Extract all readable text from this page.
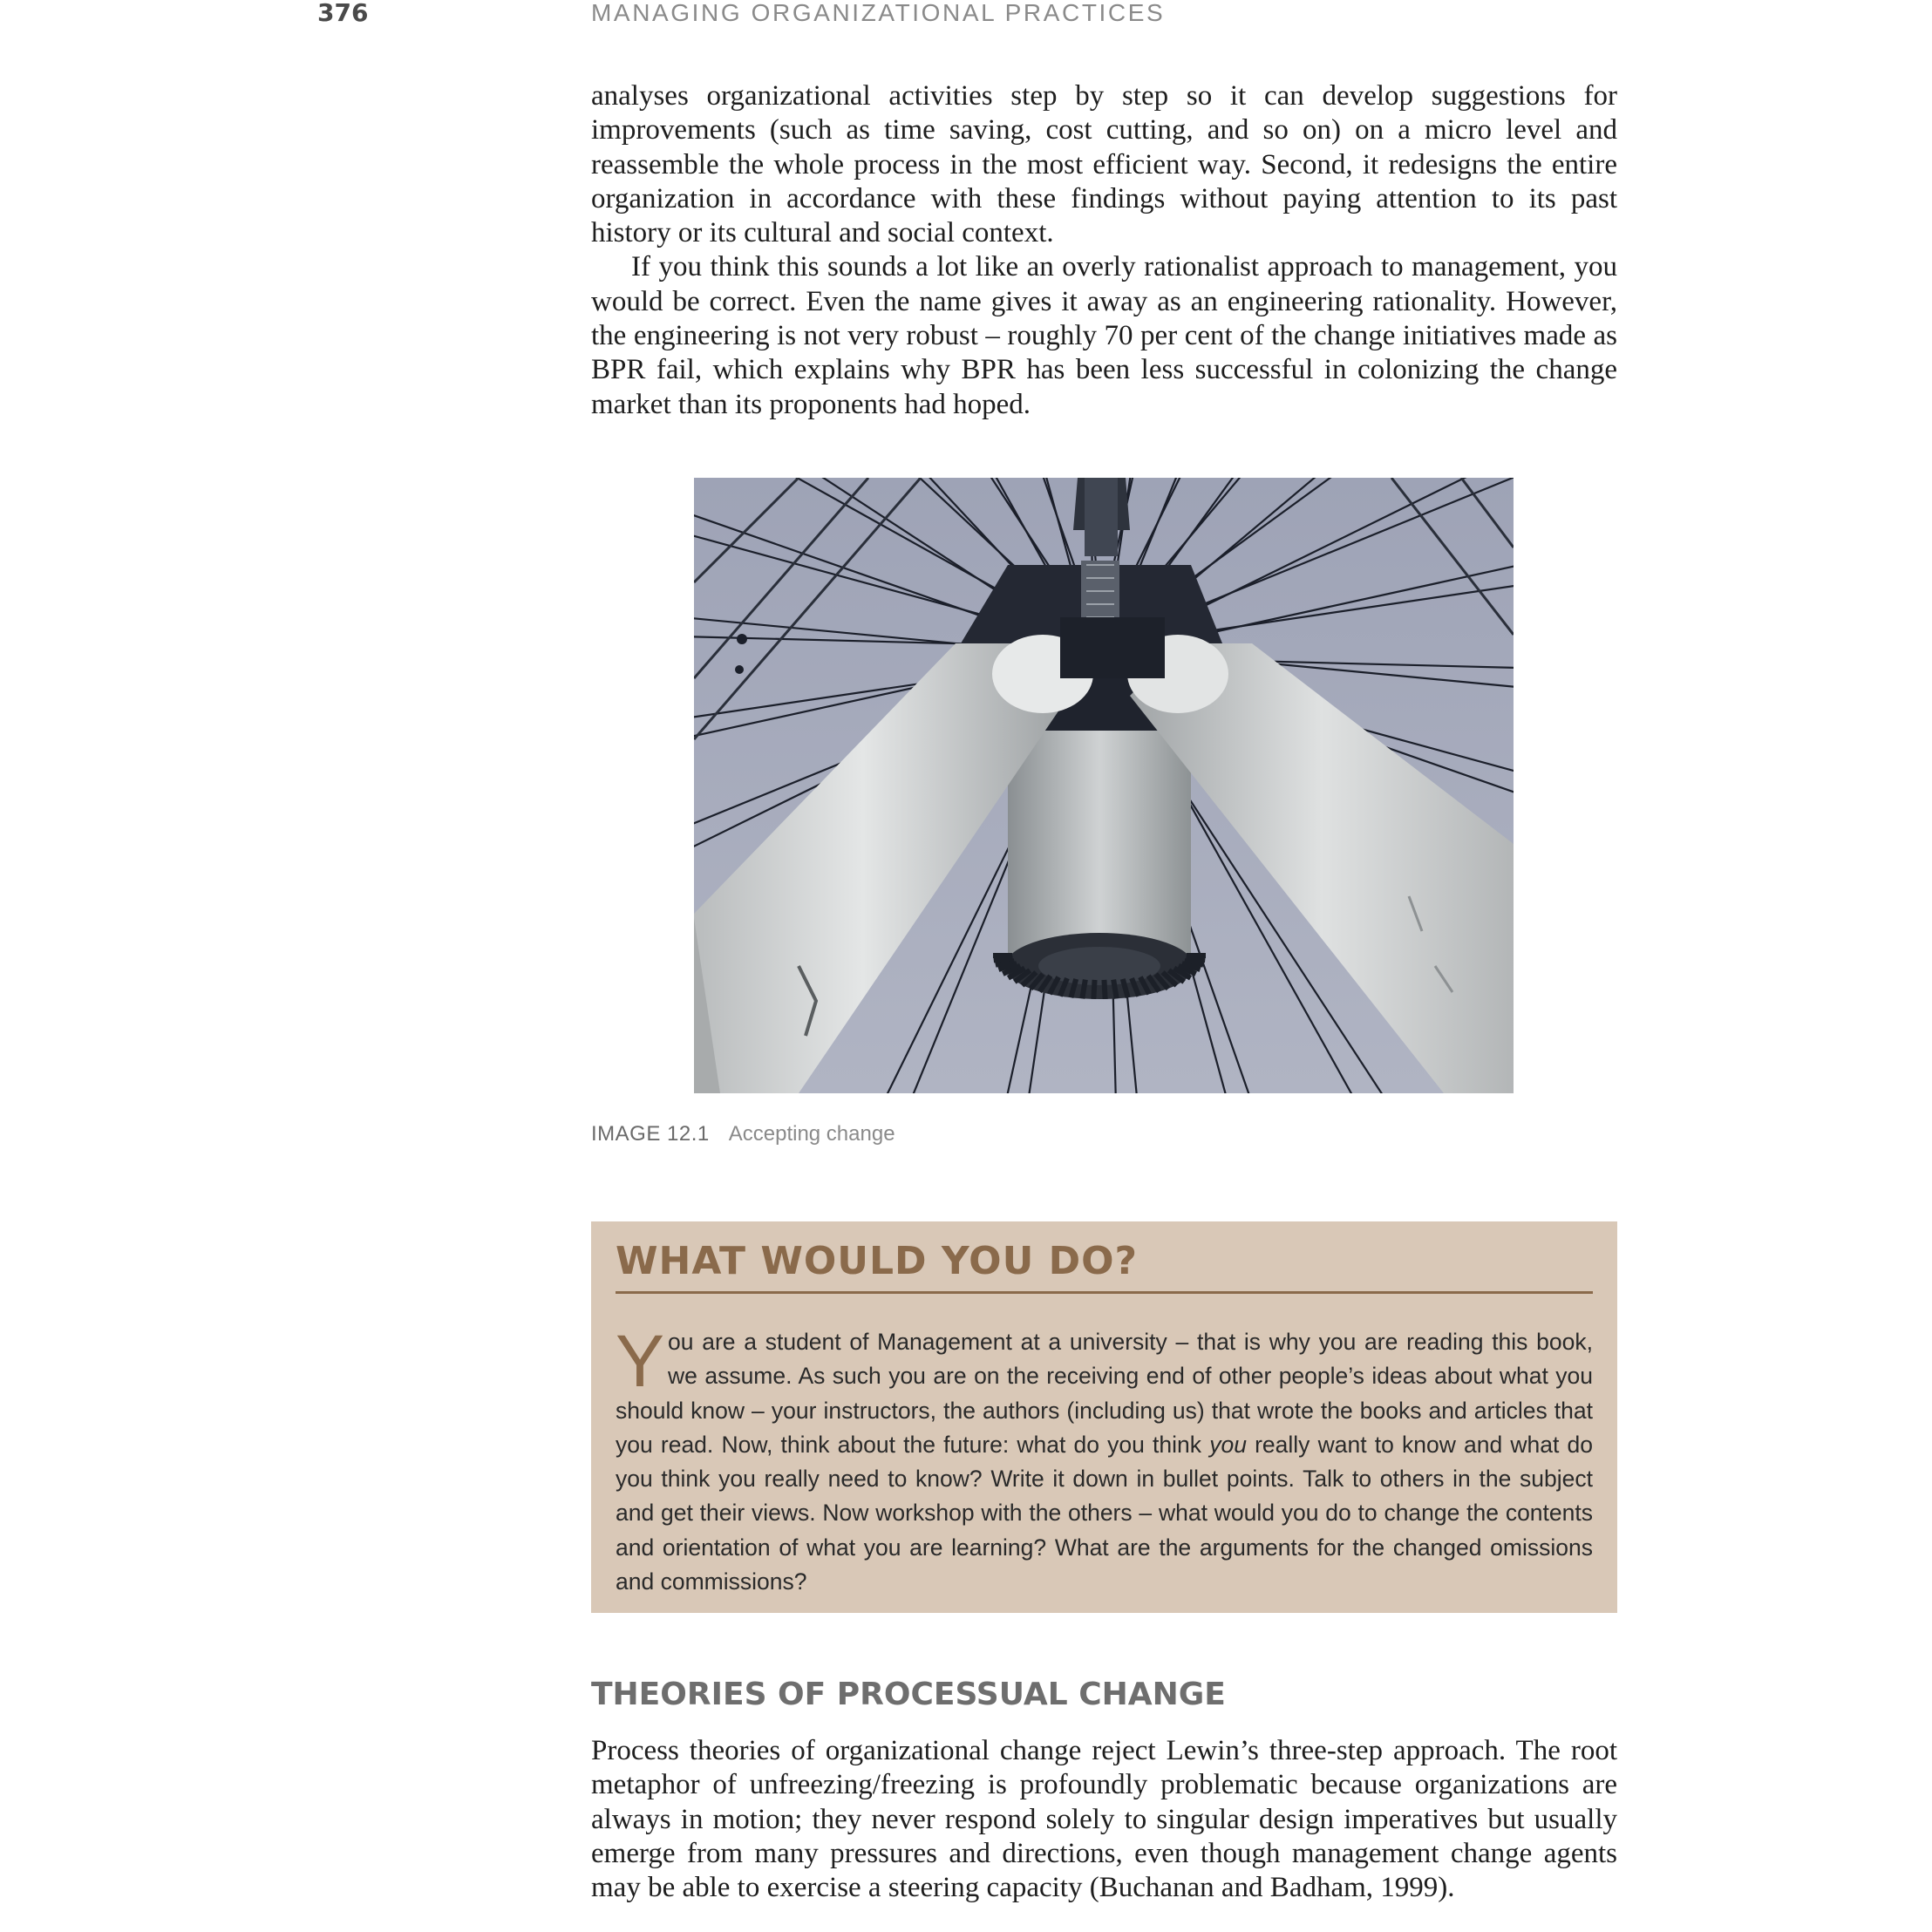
376	MANAGING ORGANIZATIONAL PRACTICES

analyses organizational activities step by step so it can develop suggestions for improvements (such as time saving, cost cutting, and so on) on a micro level and reassemble the whole process in the most efficient way. Second, it redesigns the entire organization in accordance with these findings without paying attention to its past history or its cultural and social context.

If you think this sounds a lot like an overly rationalist approach to management, you would be correct. Even the name gives it away as an engineering rationality. However, the engineering is not very robust – roughly 70 per cent of the change initiatives made as BPR fail, which explains why BPR has been less successful in colonizing the change market than its proponents had hoped.

IMAGE 12.1 Accepting change
WHAT WOULD YOU DO?

You are a student of Management at a university – that is why you are reading this book, we assume. As such you are on the receiving end of other people’s ideas about what you should know – your instructors, the authors (including us) that wrote the books and articles that you read. Now, think about the future: what do you think you really want to know and what do you think you really need to know? Write it down in bullet points. Talk to others in the subject and get their views. Now workshop with the others – what would you do to change the contents and orientation of what you are learning? What are the arguments for the changed omissions and commissions?

THEORIES OF PROCESSUAL CHANGE

Process theories of organizational change reject Lewin’s three-step approach. The root metaphor of unfreezing/freezing is profoundly problematic because organizations are always in motion; they never respond solely to singular design imperatives but usually emerge from many pressures and directions, even though management change agents may be able to exercise a steering capacity (Buchanan and Badham, 1999).
